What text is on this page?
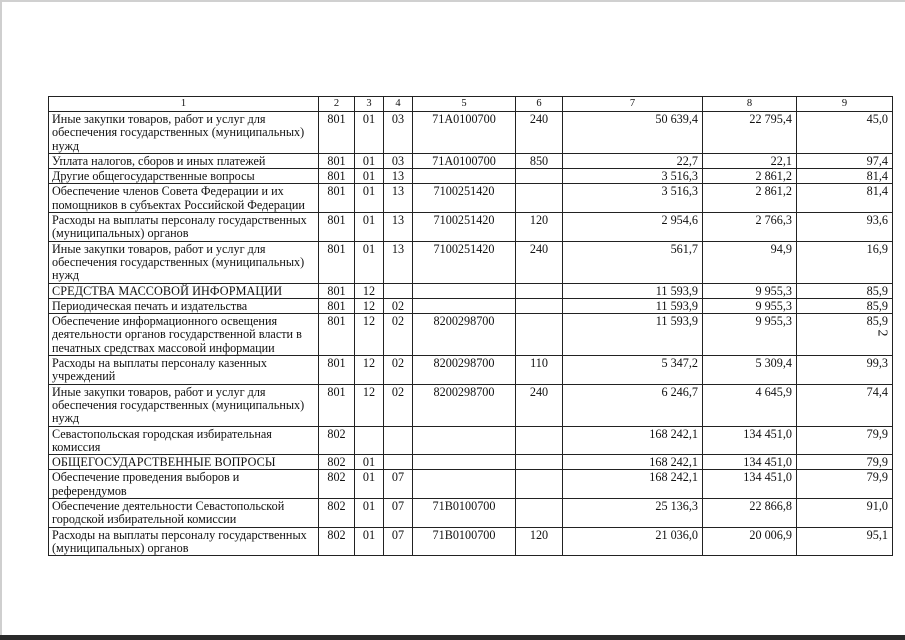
2
1	2	3	4	5	6	7	8	9
Иные закупки товаров, работ и услуг для обеспечения государственных (муниципальных) нужд	801	01	03	71А0100700	240	50 639,4	22 795,4	45,0
Уплата налогов, сборов и иных платежей	801	01	03	71А0100700	850	22,7	22,1	97,4
Другие общегосударственные вопросы	801	01	13			3 516,3	2 861,2	81,4
Обеспечение членов Совета Федерации и их помощников в субъектах Российской Федерации	801	01	13	7100251420		3 516,3	2 861,2	81,4
Расходы на выплаты персоналу государственных (муниципальных) органов	801	01	13	7100251420	120	2 954,6	2 766,3	93,6
Иные закупки товаров, работ и услуг для обеспечения государственных (муниципальных) нужд	801	01	13	7100251420	240	561,7	94,9	16,9
СРЕДСТВА МАССОВОЙ ИНФОРМАЦИИ	801	12				11 593,9	9 955,3	85,9
Периодическая печать и издательства	801	12	02			11 593,9	9 955,3	85,9
Обеспечение информационного освещения деятельности органов государственной власти в печатных средствах массовой информации	801	12	02	8200298700		11 593,9	9 955,3	85,9
Расходы на выплаты персоналу казенных учреждений	801	12	02	8200298700	110	5 347,2	5 309,4	99,3
Иные закупки товаров, работ и услуг для обеспечения государственных (муниципальных) нужд	801	12	02	8200298700	240	6 246,7	4 645,9	74,4
Севастопольская городская избирательная комиссия	802					168 242,1	134 451,0	79,9
ОБЩЕГОСУДАРСТВЕННЫЕ ВОПРОСЫ	802	01				168 242,1	134 451,0	79,9
Обеспечение проведения выборов и референдумов	802	01	07			168 242,1	134 451,0	79,9
Обеспечение деятельности Севастопольской городской избирательной комиссии	802	01	07	71В0100700		25 136,3	22 866,8	91,0
Расходы на выплаты персоналу государственных (муниципальных) органов	802	01	07	71В0100700	120	21 036,0	20 006,9	95,1
